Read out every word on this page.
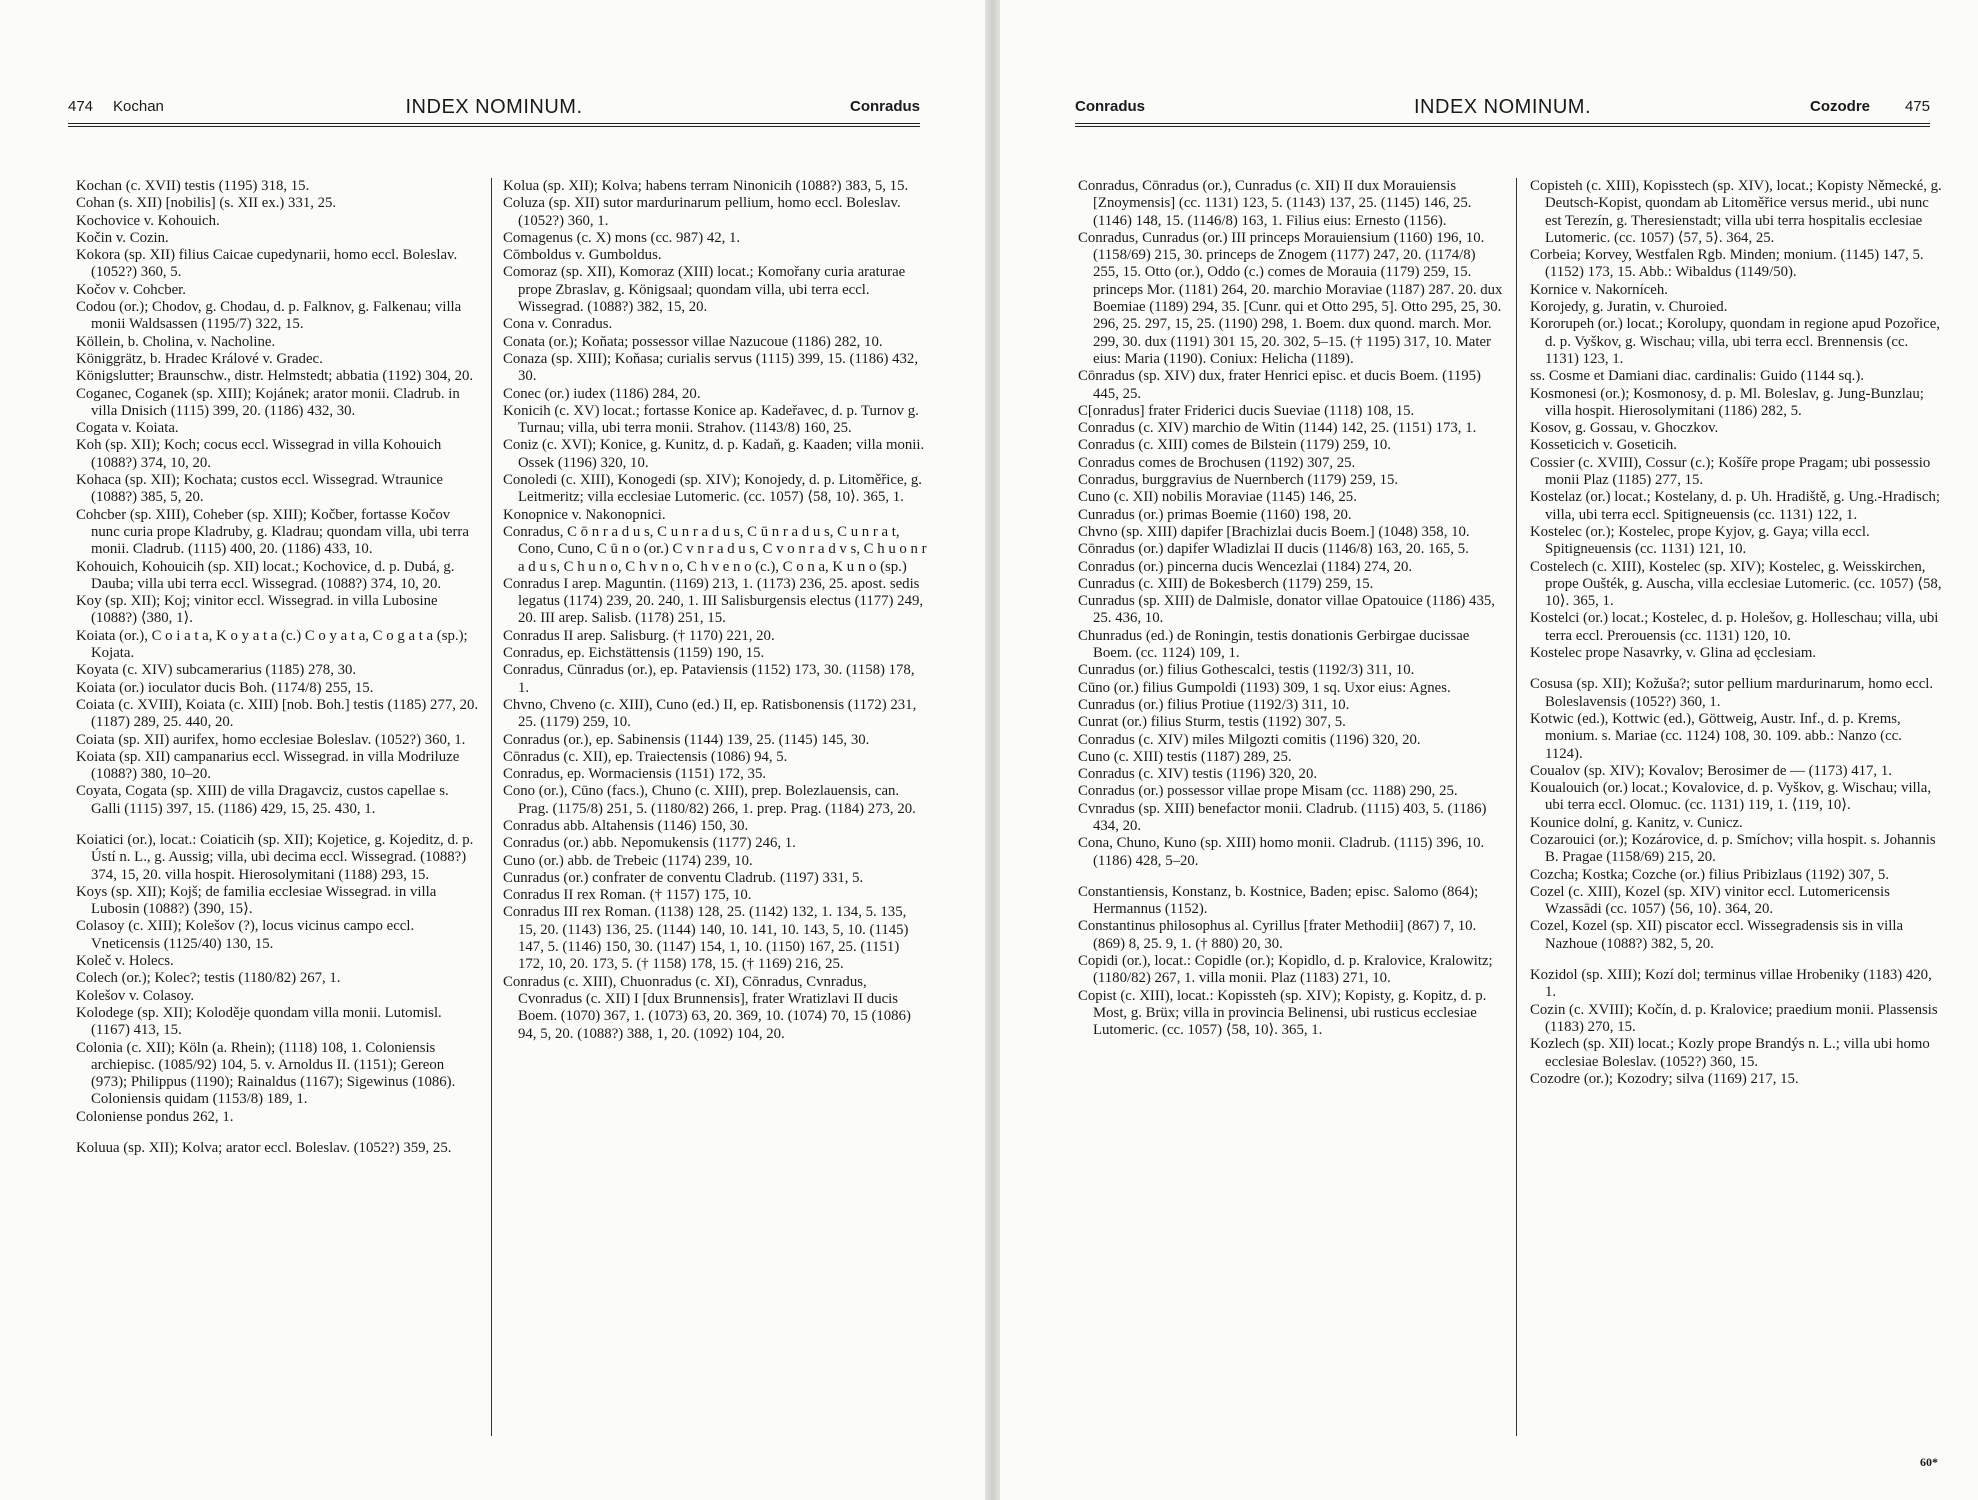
474 Kochan	INDEX NOMINUM.	Conradus

Kochan (c. XVII) testis (1195) 318, 15.

Cohan (s. XII) [nobilis] (s. XII ex.) 331, 25.

Kochovice v. Kohouich.

Kočin v. Cozin.

Kokora (sp. XII) filius Caicae cupedynarii, homo eccl. Boleslav. (1052?) 360, 5.

Kočov v. Cohcber.

Codou (or.); Chodov, g. Chodau, d. p. Falknov, g. Falkenau; villa monii Waldsassen (1195/7) 322, 15.

Köllein, b. Cholina, v. Nacholine.

Königgrätz, b. Hradec Králové v. Gradec.

Königslutter; Braunschw., distr. Helmstedt; abbatia (1192) 304, 20.

Coganec, Coganek (sp. XIII); Kojánek; arator monii. Cladrub. in villa Dnisich (1115) 399, 20. (1186) 432, 30.

Cogata v. Koiata.

Koh (sp. XII); Koch; cocus eccl. Wissegrad in villa Kohouich (1088?) 374, 10, 20.

Kohaca (sp. XII); Kochata; custos eccl. Wissegrad. Wtraunice (1088?) 385, 5, 20.

Cohcber (sp. XIII), Coheber (sp. XIII); Kočber, fortasse Kočov nunc curia prope Kladruby, g. Kladrau; quondam villa, ubi terra monii. Cladrub. (1115) 400, 20. (1186) 433, 10.

Kohouich, Kohouicih (sp. XII) locat.; Kochovice, d. p. Dubá, g. Dauba; villa ubi terra eccl. Wissegrad. (1088?) 374, 10, 20.

Koy (sp. XII); Koj; vinitor eccl. Wissegrad. in villa Lubosine (1088?) ⟨380, 1⟩.

Koiata (or.), C o i a t a, K o y a t a (c.) C o y a t a, C o g a t a (sp.); Kojata.

Koyata (c. XIV) subcamerarius (1185) 278, 30.

Koiata (or.) ioculator ducis Boh. (1174/8) 255, 15.

Coiata (c. XVIII), Koiata (c. XIII) [nob. Boh.] testis (1185) 277, 20. (1187) 289, 25. 440, 20.

Coiata (sp. XII) aurifex, homo ecclesiae Boleslav. (1052?) 360, 1.

Koiata (sp. XII) campanarius eccl. Wissegrad. in villa Modriluze (1088?) 380, 10–20.

Coyata, Cogata (sp. XIII) de villa Dragavciz, custos capellae s. Galli (1115) 397, 15. (1186) 429, 15, 25. 430, 1.

Koiatici (or.), locat.: Coiaticih (sp. XII); Kojetice, g. Kojeditz, d. p. Ústí n. L., g. Aussig; villa, ubi decima eccl. Wissegrad. (1088?) 374, 15, 20. villa hospit. Hierosolymitani (1188) 293, 15.

Koys (sp. XII); Kojš; de familia ecclesiae Wissegrad. in villa Lubosin (1088?) ⟨390, 15⟩.

Colasoy (c. XIII); Kolešov (?), locus vicinus campo eccl. Vneticensis (1125/40) 130, 15.

Koleč v. Holecs.

Colech (or.); Kolec?; testis (1180/82) 267, 1.

Kolešov v. Colasoy.

Kolodege (sp. XII); Koloděje quondam villa monii. Lutomisl. (1167) 413, 15.

Colonia (c. XII); Köln (a. Rhein); (1118) 108, 1. Coloniensis archiepisc. (1085/92) 104, 5. v. Arnoldus II. (1151); Gereon (973); Philippus (1190); Rainaldus (1167); Sigewinus (1086). Coloniensis quidam (1153/8) 189, 1.

Coloniense pondus 262, 1.

Koluua (sp. XII); Kolva; arator eccl. Boleslav. (1052?) 359, 25.

Kolua (sp. XII); Kolva; habens terram Ninonicih (1088?) 383, 5, 15.

Coluza (sp. XII) sutor mardurinarum pellium, homo eccl. Boleslav. (1052?) 360, 1.

Comagenus (c. X) mons (cc. 987) 42, 1.

Cōmboldus v. Gumboldus.

Comoraz (sp. XII), Komoraz (XIII) locat.; Komořany curia araturae prope Zbraslav, g. Königsaal; quondam villa, ubi terra eccl. Wissegrad. (1088?) 382, 15, 20.

Cona v. Conradus.

Conata (or.); Koňata; possessor villae Nazucoue (1186) 282, 10.

Conaza (sp. XIII); Koňasa; curialis servus (1115) 399, 15. (1186) 432, 30.

Conec (or.) iudex (1186) 284, 20.

Konicih (c. XV) locat.; fortasse Konice ap. Kadeřavec, d. p. Turnov g. Turnau; villa, ubi terra monii. Strahov. (1143/8) 160, 25.

Coniz (c. XVI); Konice, g. Kunitz, d. p. Kadaň, g. Kaaden; villa monii. Ossek (1196) 320, 10.

Conoledi (c. XIII), Konogedi (sp. XIV); Konojedy, d. p. Litoměřice, g. Leitmeritz; villa ecclesiae Lutomeric. (cc. 1057) ⟨58, 10⟩. 365, 1.

Konopnice v. Nakonopnici.

Conradus, C ō n r a d u s, C u n r a d u s, C ū n r a d u s, C u n r a t, Cono, Cuno, C ū n o (or.) C v n r a d u s, C v o n r a d v s, C h u o n r a d u s, C h u n o, C h v n o, C h v e n o (c.), C o n a, K u n o (sp.)

Conradus I arep. Maguntin. (1169) 213, 1. (1173) 236, 25. apost. sedis legatus (1174) 239, 20. 240, 1. III Salisburgensis electus (1177) 249, 20. III arep. Salisb. (1178) 251, 15.

Conradus II arep. Salisburg. († 1170) 221, 20.

Conradus, ep. Eichstättensis (1159) 190, 15.

Conradus, Cūnradus (or.), ep. Pataviensis (1152) 173, 30. (1158) 178, 1.

Chvno, Chveno (c. XIII), Cuno (ed.) II, ep. Ratisbonensis (1172) 231, 25. (1179) 259, 10.

Conradus (or.), ep. Sabinensis (1144) 139, 25. (1145) 145, 30.

Cōnradus (c. XII), ep. Traiectensis (1086) 94, 5.

Conradus, ep. Wormaciensis (1151) 172, 35.

Cono (or.), Cūno (facs.), Chuno (c. XIII), prep. Bolezlauensis, can. Prag. (1175/8) 251, 5. (1180/82) 266, 1. prep. Prag. (1184) 273, 20.

Conradus abb. Altahensis (1146) 150, 30.

Conradus (or.) abb. Nepomukensis (1177) 246, 1.

Cuno (or.) abb. de Trebeic (1174) 239, 10.

Cunradus (or.) confrater de conventu Cladrub. (1197) 331, 5.

Conradus II rex Roman. († 1157) 175, 10.

Conradus III rex Roman. (1138) 128, 25. (1142) 132, 1. 134, 5. 135, 15, 20. (1143) 136, 25. (1144) 140, 10. 141, 10. 143, 5, 10. (1145) 147, 5. (1146) 150, 30. (1147) 154, 1, 10. (1150) 167, 25. (1151) 172, 10, 20. 173, 5. († 1158) 178, 15. († 1169) 216, 25.

Conradus (c. XIII), Chuonradus (c. XI), Cōnradus, Cvnradus, Cvonradus (c. XII) I [dux Brunnensis], frater Wratizlavi II ducis Boem. (1070) 367, 1. (1073) 63, 20. 369, 10. (1074) 70, 15 (1086) 94, 5, 20. (1088?) 388, 1, 20. (1092) 104, 20.

Conradus	INDEX NOMINUM.	Cozodre 475

Conradus, Cōnradus (or.), Cunradus (c. XII) II dux Morauiensis [Znoymensis] (cc. 1131) 123, 5. (1143) 137, 25. (1145) 146, 25. (1146) 148, 15. (1146/8) 163, 1. Filius eius: Ernesto (1156).

Conradus, Cunradus (or.) III princeps Morauiensium (1160) 196, 10. (1158/69) 215, 30. princeps de Znogem (1177) 247, 20. (1174/8) 255, 15. Otto (or.), Oddo (c.) comes de Morauia (1179) 259, 15. princeps Mor. (1181) 264, 20. marchio Moraviae (1187) 287. 20. dux Boemiae (1189) 294, 35. [Cunr. qui et Otto 295, 5]. Otto 295, 25, 30. 296, 25. 297, 15, 25. (1190) 298, 1. Boem. dux quond. march. Mor. 299, 30. dux (1191) 301 15, 20. 302, 5–15. († 1195) 317, 10. Mater eius: Maria (1190). Coniux: Helicha (1189).

Cōnradus (sp. XIV) dux, frater Henrici episc. et ducis Boem. (1195) 445, 25.

C[onradus] frater Friderici ducis Sueviae (1118) 108, 15.

Conradus (c. XIV) marchio de Witin (1144) 142, 25. (1151) 173, 1.

Conradus (c. XIII) comes de Bilstein (1179) 259, 10.

Conradus comes de Brochusen (1192) 307, 25.

Conradus, burggravius de Nuernberch (1179) 259, 15.

Cuno (c. XII) nobilis Moraviae (1145) 146, 25.

Cunradus (or.) primas Boemie (1160) 198, 20.

Chvno (sp. XIII) dapifer [Brachizlai ducis Boem.] (1048) 358, 10.

Cōnradus (or.) dapifer Wladizlai II ducis (1146/8) 163, 20. 165, 5.

Conradus (or.) pincerna ducis Wencezlai (1184) 274, 20.

Cunradus (c. XIII) de Bokesberch (1179) 259, 15.

Cunradus (sp. XIII) de Dalmisle, donator villae Opatouice (1186) 435, 25. 436, 10.

Chunradus (ed.) de Roningin, testis donationis Gerbirgae ducissae Boem. (cc. 1124) 109, 1.

Cunradus (or.) filius Gothescalci, testis (1192/3) 311, 10.

Cūno (or.) filius Gumpoldi (1193) 309, 1 sq. Uxor eius: Agnes.

Cunradus (or.) filius Protiue (1192/3) 311, 10.

Cunrat (or.) filius Sturm, testis (1192) 307, 5.

Conradus (c. XIV) miles Milgozti comitis (1196) 320, 20.

Cuno (c. XIII) testis (1187) 289, 25.

Conradus (c. XIV) testis (1196) 320, 20.

Conradus (or.) possessor villae prope Misam (cc. 1188) 290, 25.

Cvnradus (sp. XIII) benefactor monii. Cladrub. (1115) 403, 5. (1186) 434, 20.

Cona, Chuno, Kuno (sp. XIII) homo monii. Cladrub. (1115) 396, 10. (1186) 428, 5–20.

Constantiensis, Konstanz, b. Kostnice, Baden; episc. Salomo (864); Hermannus (1152).

Constantinus philosophus al. Cyrillus [frater Methodii] (867) 7, 10. (869) 8, 25. 9, 1. († 880) 20, 30.

Copidi (or.), locat.: Copidle (or.); Kopidlo, d. p. Kralovice, Kralowitz; (1180/82) 267, 1. villa monii. Plaz (1183) 271, 10.

Copist (c. XIII), locat.: Kopissteh (sp. XIV); Kopisty, g. Kopitz, d. p. Most, g. Brüx; villa in provincia Belinensi, ubi rusticus ecclesiae Lutomeric. (cc. 1057) ⟨58, 10⟩. 365, 1.

Copisteh (c. XIII), Kopisstech (sp. XIV), locat.; Kopisty Německé, g. Deutsch-Kopist, quondam ab Litoměřice versus merid., ubi nunc est Terezín, g. Theresienstadt; villa ubi terra hospitalis ecclesiae Lutomeric. (cc. 1057) ⟨57, 5⟩. 364, 25.

Corbeia; Korvey, Westfalen Rgb. Minden; monium. (1145) 147, 5. (1152) 173, 15. Abb.: Wibaldus (1149/50).

Kornice v. Nakorníceh.

Korojedy, g. Juratin, v. Churoied.

Kororupeh (or.) locat.; Korolupy, quondam in regione apud Pozořice, d. p. Vyškov, g. Wischau; villa, ubi terra eccl. Brennensis (cc. 1131) 123, 1.

ss. Cosme et Damiani diac. cardinalis: Guido (1144 sq.).

Kosmonesi (or.); Kosmonosy, d. p. Ml. Boleslav, g. Jung-Bunzlau; villa hospit. Hierosolymitani (1186) 282, 5.

Kosov, g. Gossau, v. Ghoczkov.

Kosseticich v. Goseticih.

Cossier (c. XVIII), Cossur (c.); Košíře prope Pragam; ubi possessio monii Plaz (1185) 277, 15.

Kostelaz (or.) locat.; Kostelany, d. p. Uh. Hradiště, g. Ung.-Hradisch; villa, ubi terra eccl. Spitigneuensis (cc. 1131) 122, 1.

Kostelec (or.); Kostelec, prope Kyjov, g. Gaya; villa eccl. Spitigneuensis (cc. 1131) 121, 10.

Costelech (c. XIII), Kostelec (sp. XIV); Kostelec, g. Weisskirchen, prope Oušték, g. Auscha, villa ecclesiae Lutomeric. (cc. 1057) ⟨58, 10⟩. 365, 1.

Kostelci (or.) locat.; Kostelec, d. p. Holešov, g. Holleschau; villa, ubi terra eccl. Prerouensis (cc. 1131) 120, 10.

Kostelec prope Nasavrky, v. Glina ad ęcclesiam.

Cosusa (sp. XII); Kožuša?; sutor pellium mardurinarum, homo eccl. Boleslavensis (1052?) 360, 1.

Kotwic (ed.), Kottwic (ed.), Göttweig, Austr. Inf., d. p. Krems, monium. s. Mariae (cc. 1124) 108, 30. 109. abb.: Nanzo (cc. 1124).

Coualov (sp. XIV); Kovalov; Berosimer de — (1173) 417, 1.

Koualouich (or.) locat.; Kovalovice, d. p. Vyškov, g. Wischau; villa, ubi terra eccl. Olomuc. (cc. 1131) 119, 1. ⟨119, 10⟩.

Kounice dolní, g. Kanitz, v. Cunicz.

Cozarouici (or.); Kozárovice, d. p. Smíchov; villa hospit. s. Johannis B. Pragae (1158/69) 215, 20.

Cozcha; Kostka; Cozche (or.) filius Pribizlaus (1192) 307, 5.

Cozel (c. XIII), Kozel (sp. XIV) vinitor eccl. Lutomericensis Wzassādi (cc. 1057) ⟨56, 10⟩. 364, 20.

Cozel, Kozel (sp. XII) piscator eccl. Wissegradensis sis in villa Nazhoue (1088?) 382, 5, 20.

Kozidol (sp. XIII); Kozí dol; terminus villae Hrobeniky (1183) 420, 1.

Cozin (c. XVIII); Kočín, d. p. Kralovice; praedium monii. Plassensis (1183) 270, 15.

Kozlech (sp. XII) locat.; Kozly prope Brandýs n. L.; villa ubi homo ecclesiae Boleslav. (1052?) 360, 15.

Cozodre (or.); Kozodry; silva (1169) 217, 15.

60*
